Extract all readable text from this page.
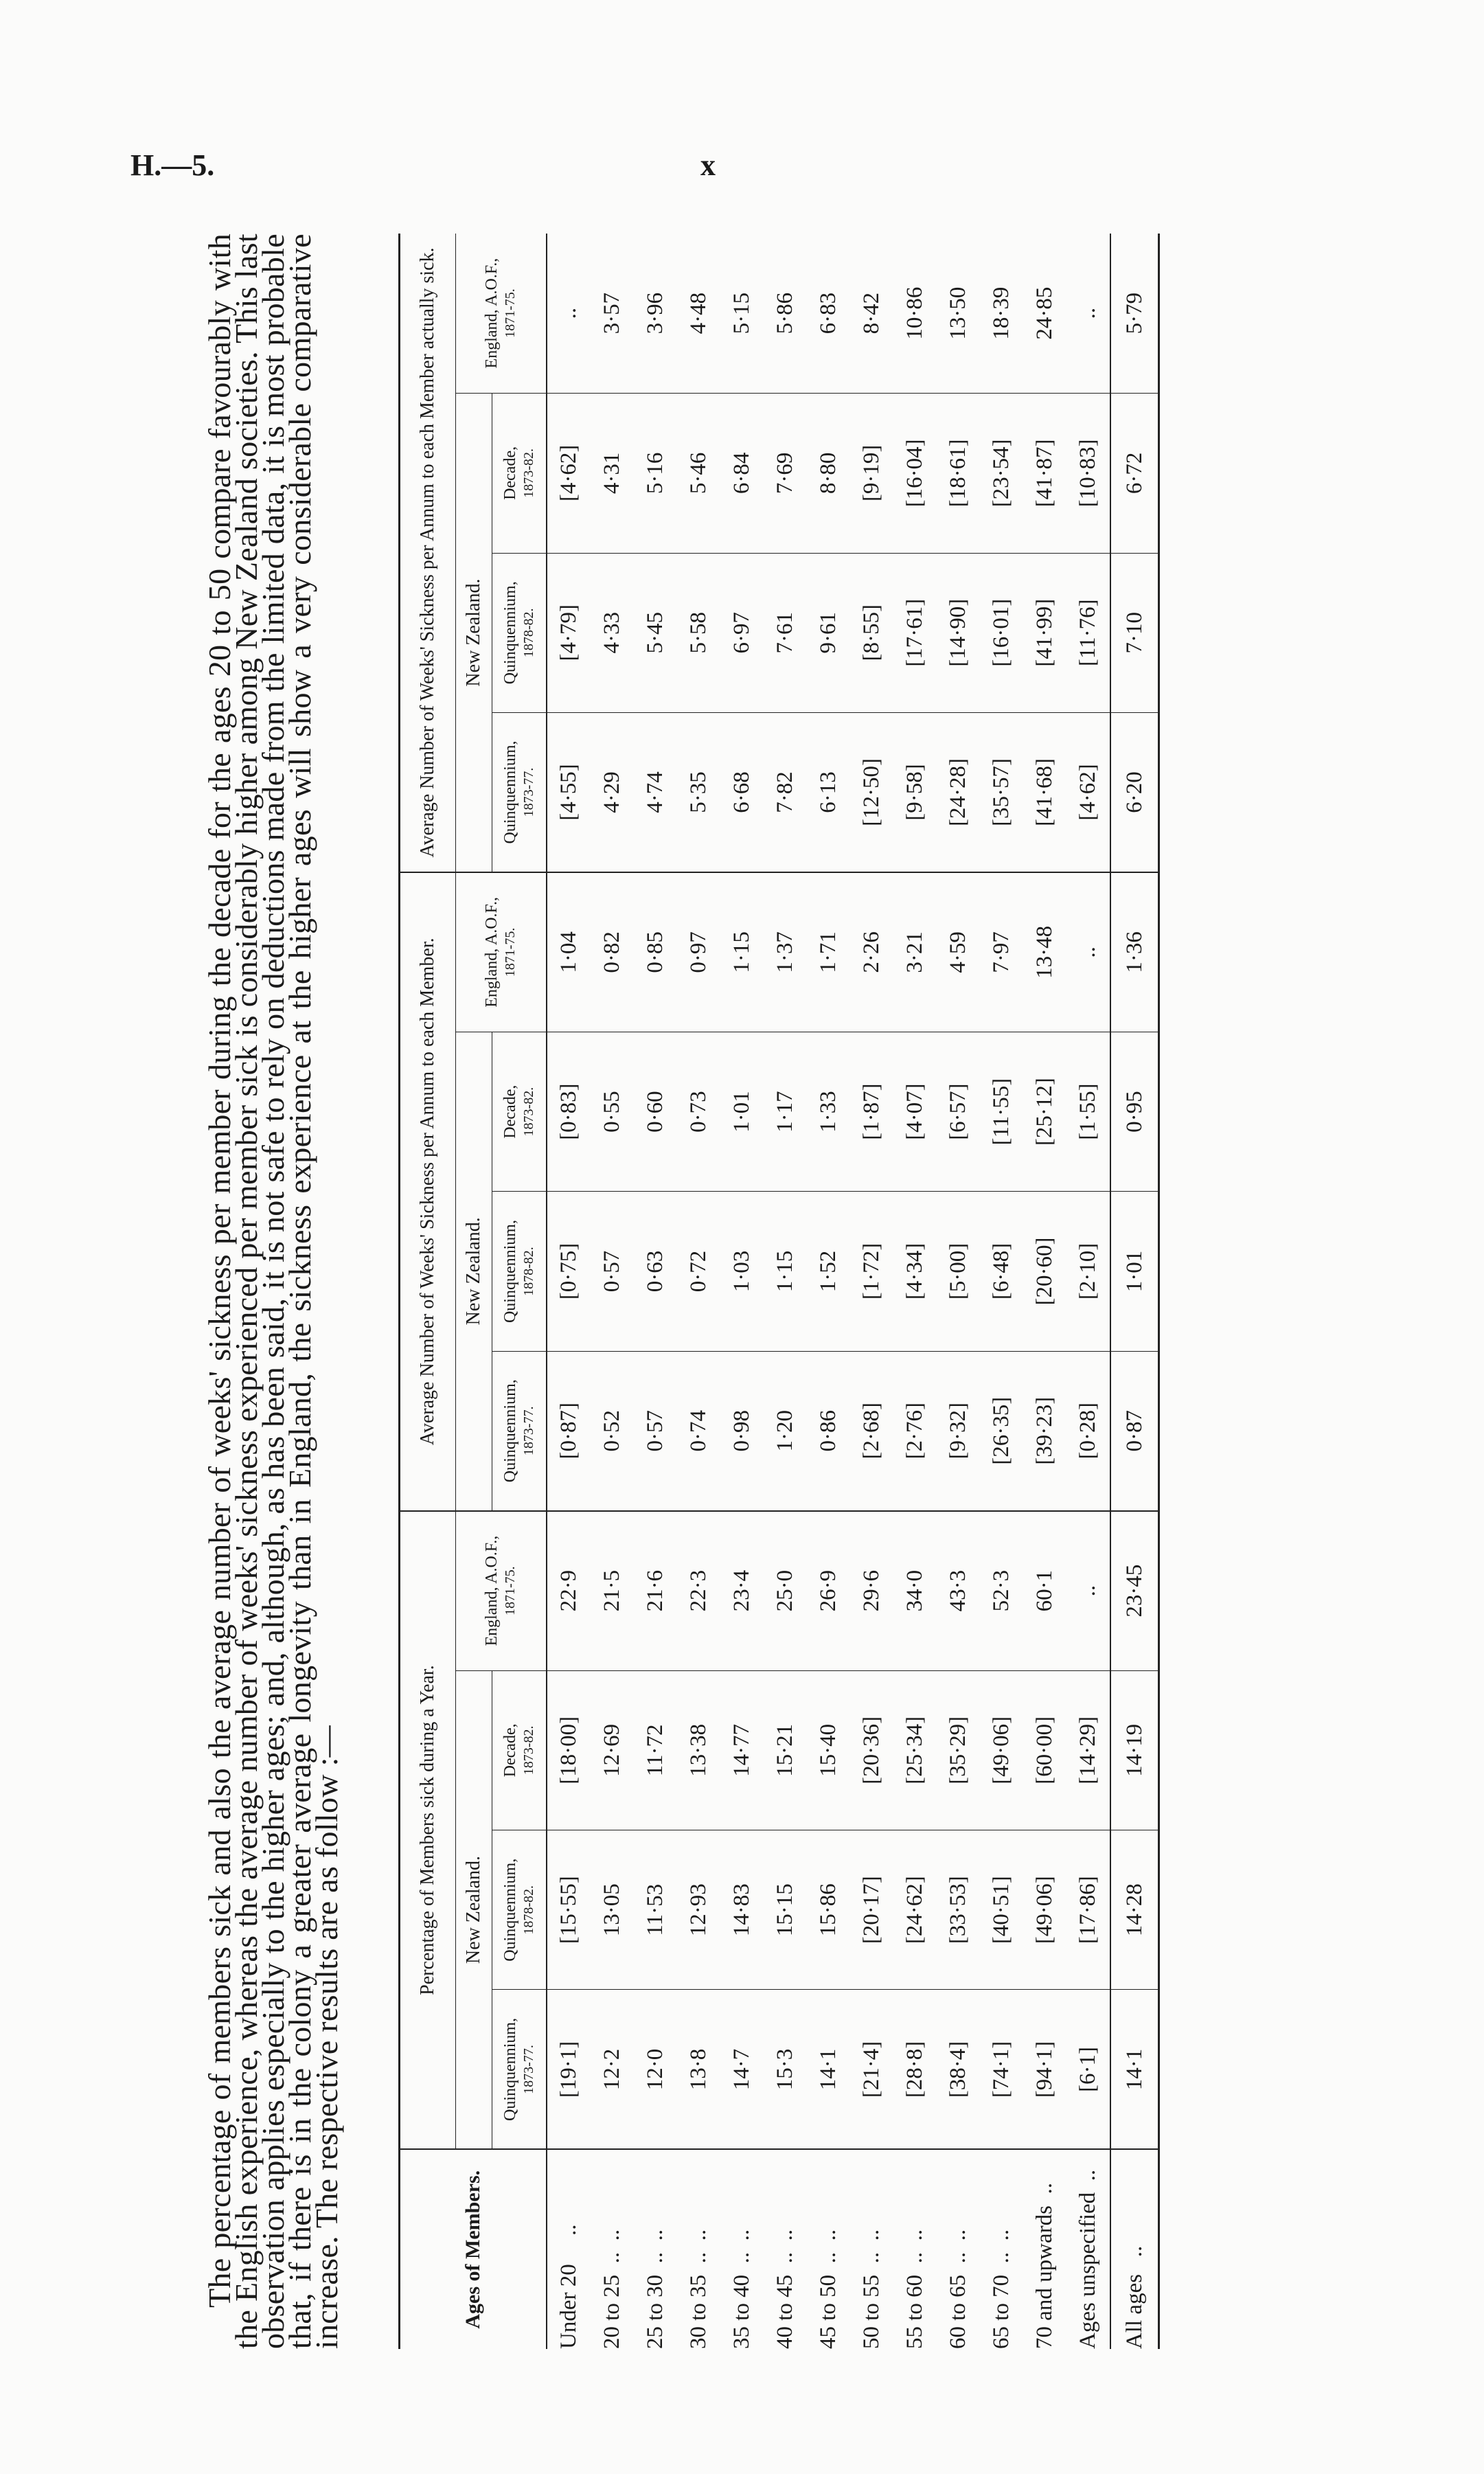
H.—5.	x

The percentage of members sick and also the average number of weeks' sickness per member during the decade for the ages 20 to 50 compare favourably with the English experience, whereas the average number of weeks' sickness experienced per member sick is considerably higher among New Zealand societies. This last observation applies especially to the higher ages; and, although, as has been said, it is not safe to rely on deductions made from the limited data, it is most probable that, if there is in the colony a greater average longevity than in England, the sickness experience at the higher ages will show a very considerable comparative increase. The respective results are as follow :—	Ages of Members.	Percentage of Members sick during a Year.				Average Number of Weeks' Sickness per Annum to each Member.				Average Number of Weeks' Sickness per Annum to each Member actually sick.			
	New Zealand.			England, A.O.F., 1871-75.	New Zealand.			England, A.O.F., 1871-75.	New Zealand.			England, A.O.F., 1871-75.
	Quinquennium, 1873-77.	Quinquennium, 1878-82.	Decade, 1873-82.		Quinquennium, 1873-77.	Quinquennium, 1878-82.	Decade, 1873-82.		Quinquennium, 1873-77.	Quinquennium, 1878-82.	Decade, 1873-82.	
Under 20     ..	[19·1]	[15·55]	[18·00]	22·9	[0·87]	[0·75]	[0·83]	1·04	[4·55]	[4·79]	[4·62]	..
20 to 25  ..  ..	12·2	13·05	12·69	21·5	0·52	0·57	0·55	0·82	4·29	4·33	4·31	3·57
25 to 30  ..  ..	12·0	11·53	11·72	21·6	0·57	0·63	0·60	0·85	4·74	5·45	5·16	3·96
30 to 35  ..  ..	13·8	12·93	13·38	22·3	0·74	0·72	0·73	0·97	5·35	5·58	5·46	4·48
35 to 40  ..  ..	14·7	14·83	14·77	23·4	0·98	1·03	1·01	1·15	6·68	6·97	6·84	5·15
40 to 45  ..  ..	15·3	15·15	15·21	25·0	1·20	1·15	1·17	1·37	7·82	7·61	7·69	5·86
45 to 50  ..  ..	14·1	15·86	15·40	26·9	0·86	1·52	1·33	1·71	6·13	9·61	8·80	6·83
50 to 55  ..  ..	[21·4]	[20·17]	[20·36]	29·6	[2·68]	[1·72]	[1·87]	2·26	[12·50]	[8·55]	[9·19]	8·42
55 to 60  ..  ..	[28·8]	[24·62]	[25·34]	34·0	[2·76]	[4·34]	[4·07]	3·21	[9·58]	[17·61]	[16·04]	10·86
60 to 65  ..  ..	[38·4]	[33·53]	[35·29]	43·3	[9·32]	[5·00]	[6·57]	4·59	[24·28]	[14·90]	[18·61]	13·50
65 to 70  ..  ..	[74·1]	[40·51]	[49·06]	52·3	[26·35]	[6·48]	[11·55]	7·97	[35·57]	[16·01]	[23·54]	18·39
70 and upwards  ..	[94·1]	[49·06]	[60·00]	60·1	[39·23]	[20·60]	[25·12]	13·48	[41·68]	[41·99]	[41·87]	24·85
Ages unspecified  ..	[6·1]	[17·86]	[14·29]	..	[0·28]	[2·10]	[1·55]	..	[4·62]	[11·76]	[10·83]	..
All ages   ..	14·1	14·28	14·19	23·45	0·87	1·01	0·95	1·36	6·20	7·10	6·72	5·79
